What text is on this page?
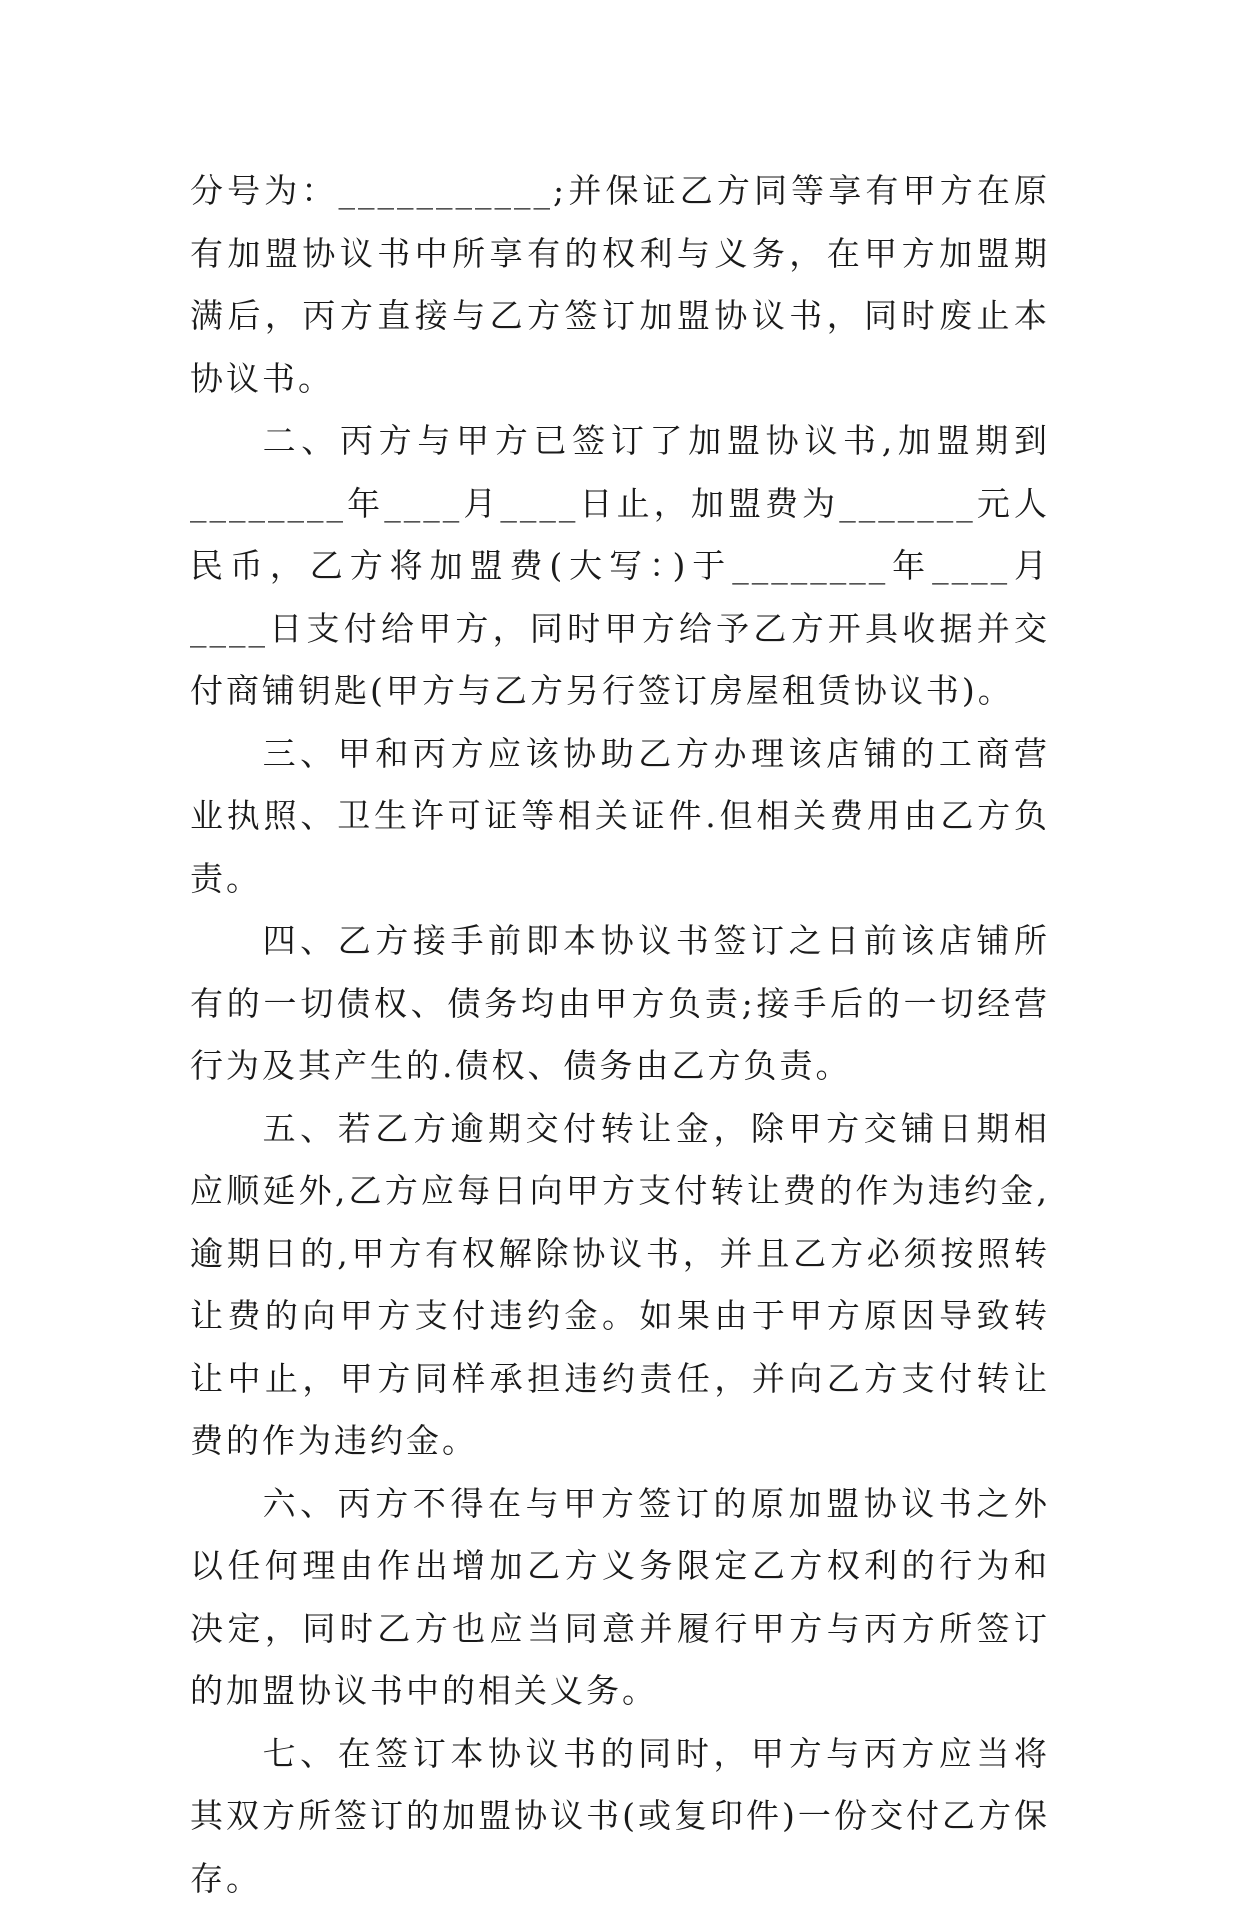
分号为：___________;并保证乙方同等享有甲方在原有加盟协议书中所享有的权利与义务，在甲方加盟期满后，丙方直接与乙方签订加盟协议书，同时废止本协议书。

二、丙方与甲方已签订了加盟协议书,加盟期到________年____月____日止，加盟费为_______元人民币，乙方将加盟费(大写：)于________年____月____日支付给甲方，同时甲方给予乙方开具收据并交付商铺钥匙(甲方与乙方另行签订房屋租赁协议书)。

三、甲和丙方应该协助乙方办理该店铺的工商营业执照、卫生许可证等相关证件.但相关费用由乙方负责。

四、乙方接手前即本协议书签订之日前该店铺所有的一切债权、债务均由甲方负责;接手后的一切经营行为及其产生的.债权、债务由乙方负责。

五、若乙方逾期交付转让金，除甲方交铺日期相应顺延外,乙方应每日向甲方支付转让费的作为违约金,逾期日的,甲方有权解除协议书，并且乙方必须按照转让费的向甲方支付违约金。如果由于甲方原因导致转让中止，甲方同样承担违约责任，并向乙方支付转让费的作为违约金。

六、丙方不得在与甲方签订的原加盟协议书之外以任何理由作出增加乙方义务限定乙方权利的行为和决定，同时乙方也应当同意并履行甲方与丙方所签订的加盟协议书中的相关义务。

七、在签订本协议书的同时，甲方与丙方应当将其双方所签订的加盟协议书(或复印件)一份交付乙方保存。
